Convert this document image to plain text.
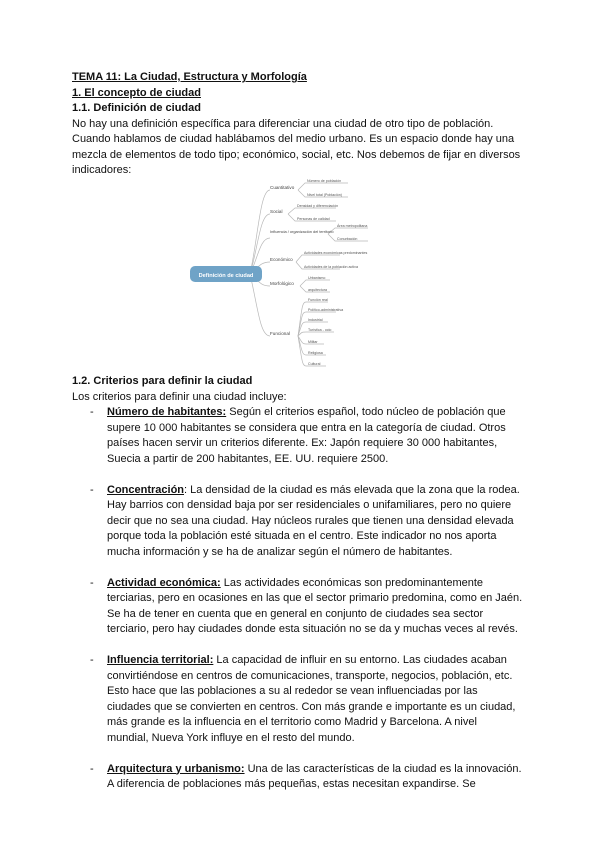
TEMA 11: La Ciudad, Estructura y Morfología

1. El concepto de ciudad

1.1. Definición de ciudad

No hay una definición específica para diferenciar una ciudad de otro tipo de población.

Cuando hablamos de ciudad hablábamos del medio urbano. Es un espacio donde hay una

mezcla de elementos de todo tipo; económico, social, etc. Nos debemos de fijar en diversos

indicadores:

Definición de ciudad
Cuantitativo
Social
Influencia / organización del territorio
Económico
Morfológico
Funcional
Número de población
Nivel total (Población)
Densidad y diferenciación
Personas de calidad
Área metropolitana
Conurbación
Actividades económicas predominantes
Actividades de la población activa
Urbanismo
arquitectura
Función real
Político-administrativa
Industrial
Turística - ocio
Militar
Religiosa
Cultural

1.2. Criterios para definir la ciudad

Los criterios para definir una ciudad incluye:

- Número de habitantes: Según el criterios español, todo núcleo de población que
supere 10 000 habitantes se considera que entra en la categoría de ciudad. Otros
países hacen servir un criterios diferente. Ex: Japón requiere 30 000 habitantes,
Suecia a partir de 200 habitantes, EE. UU. requiere 2500.
- Concentración: La densidad de la ciudad es más elevada que la zona que la rodea.
Hay barrios con densidad baja por ser residenciales o unifamiliares, pero no quiere
decir que no sea una ciudad. Hay núcleos rurales que tienen una densidad elevada
porque toda la población esté situada en el centro. Este indicador no nos aporta
mucha información y se ha de analizar según el número de habitantes.
- Actividad económica: Las actividades económicas son predominantemente
terciarias, pero en ocasiones en las que el sector primario predomina, como en Jaén.
Se ha de tener en cuenta que en general en conjunto de ciudades sea sector
terciario, pero hay ciudades donde esta situación no se da y muchas veces al revés.
- Influencia territorial: La capacidad de influir en su entorno. Las ciudades acaban
convirtiéndose en centros de comunicaciones, transporte, negocios, población, etc.
Esto hace que las poblaciones a su al rededor se vean influenciadas por las
ciudades que se convierten en centros. Con más grande e importante es un ciudad,
más grande es la influencia en el territorio como Madrid y Barcelona. A nivel
mundial, Nueva York influye en el resto del mundo.
- Arquitectura y urbanismo: Una de las características de la ciudad es la innovación.
A diferencia de poblaciones más pequeñas, estas necesitan expandirse. Se
